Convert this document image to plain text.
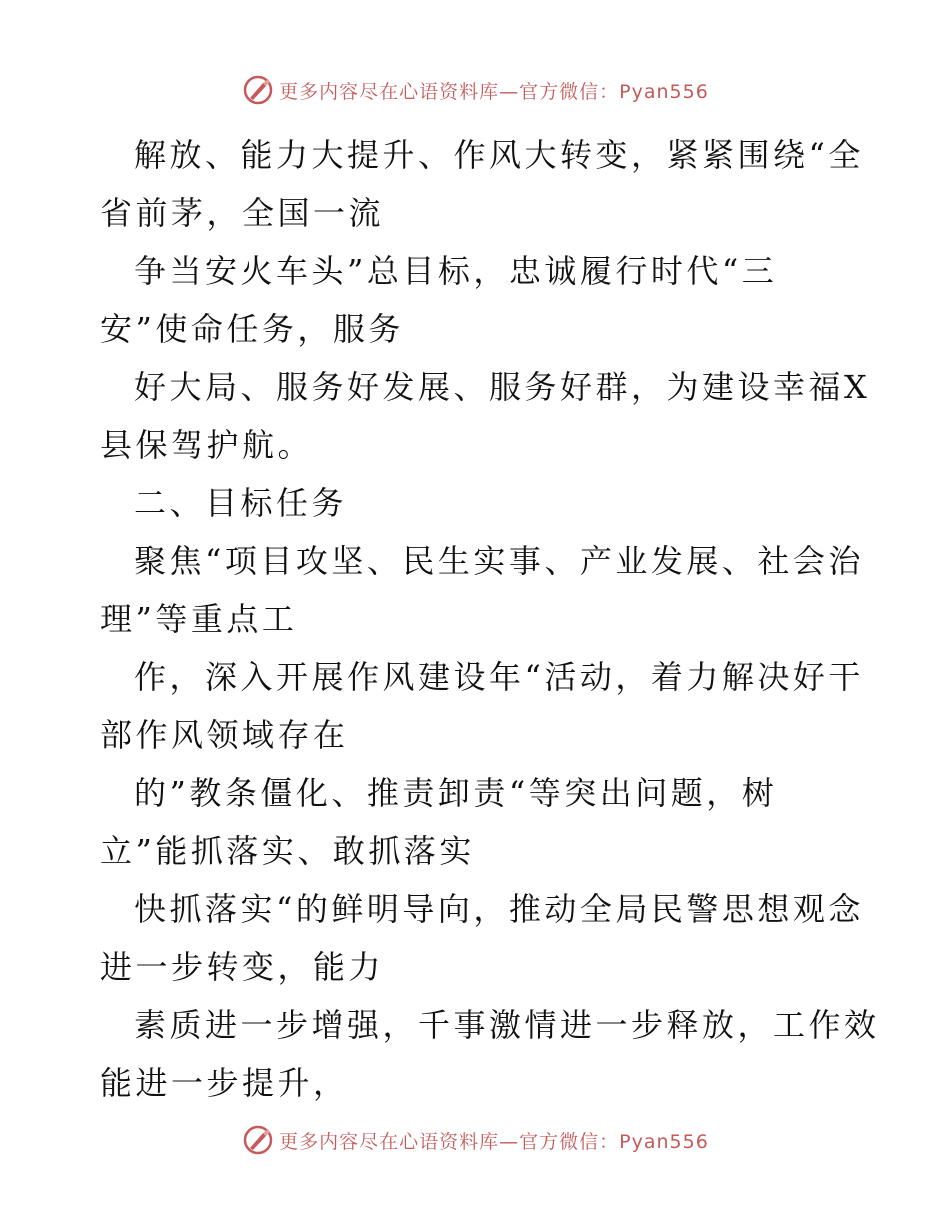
更多内容尽在心语资料库—官方微信：Pyan556
解放、能力大提升、作风大转变，紧紧围绕“全
省前茅，全国一流
争当安火车头”总目标，忠诚履行时代“三
安”使命任务，服务
好大局、服务好发展、服务好群，为建设幸福X
县保驾护航。
二、目标任务
聚焦“项目攻坚、民生实事、产业发展、社会治
理”等重点工
作，深入开展作风建设年“活动，着力解决好干
部作风领域存在
的”教条僵化、推责卸责“等突出问题，树
立”能抓落实、敢抓落实
快抓落实“的鲜明导向，推动全局民警思想观念
进一步转变，能力
素质进一步增强，千事激情进一步释放，工作效
能进一步提升，
更多内容尽在心语资料库—官方微信：Pyan556
